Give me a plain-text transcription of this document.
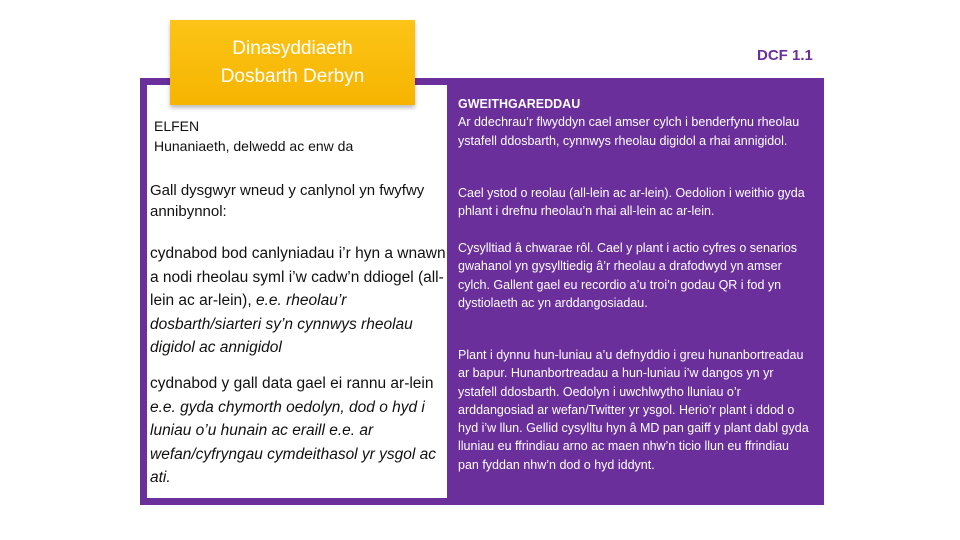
Dinasyddiaeth
Dosbarth Derbyn
DCF 1.1
ELFEN
Hunaniaeth, delwedd ac enw da
Gall dysgwyr wneud y canlynol yn fwyfwy annibynnol:
cydnabod bod canlyniadau i’r hyn a wnawn a nodi rheolau syml i’w cadw’n ddiogel (all-lein ac ar-lein), e.e. rheolau’r dosbarth/siarteri sy’n cynnwys rheolau digidol ac annigidol
cydnabod y gall data gael ei rannu ar-lein e.e. gyda chymorth oedolyn, dod o hyd i luniau o’u hunain ac eraill e.e. ar wefan/cyfryngau cymdeithasol yr ysgol ac ati.
GWEITHGAREDDAU
Ar ddechrau’r flwyddyn cael amser cylch i benderfynu rheolau ystafell ddosbarth, cynnwys rheolau digidol a rhai annigidol.
Cael ystod o reolau (all-lein ac ar-lein). Oedolion i weithio gyda phlant i drefnu rheolau’n rhai all-lein ac ar-lein.
Cysylltiad â chwarae rôl. Cael y plant i actio cyfres o senarios gwahanol yn gysylltiedig â’r rheolau a drafodwyd yn amser cylch. Gallent gael eu recordio a’u troi’n godau QR i fod yn dystiolaeth ac yn arddangosiadau.
Plant i dynnu hun-luniau a’u defnyddio i greu hunanbortreadau ar bapur. Hunanbortreadau a hun-luniau i’w dangos yn yr ystafell ddosbarth. Oedolyn i uwchlwytho lluniau o’r arddangosiad ar wefan/Twitter yr ysgol. Herio’r plant i ddod o hyd i’w llun. Gellid cysylltu hyn â MD pan gaiff y plant dabl gyda lluniau eu ffrindiau arno ac maen nhw’n ticio llun eu ffrindiau pan fyddan nhw’n dod o hyd iddynt.
